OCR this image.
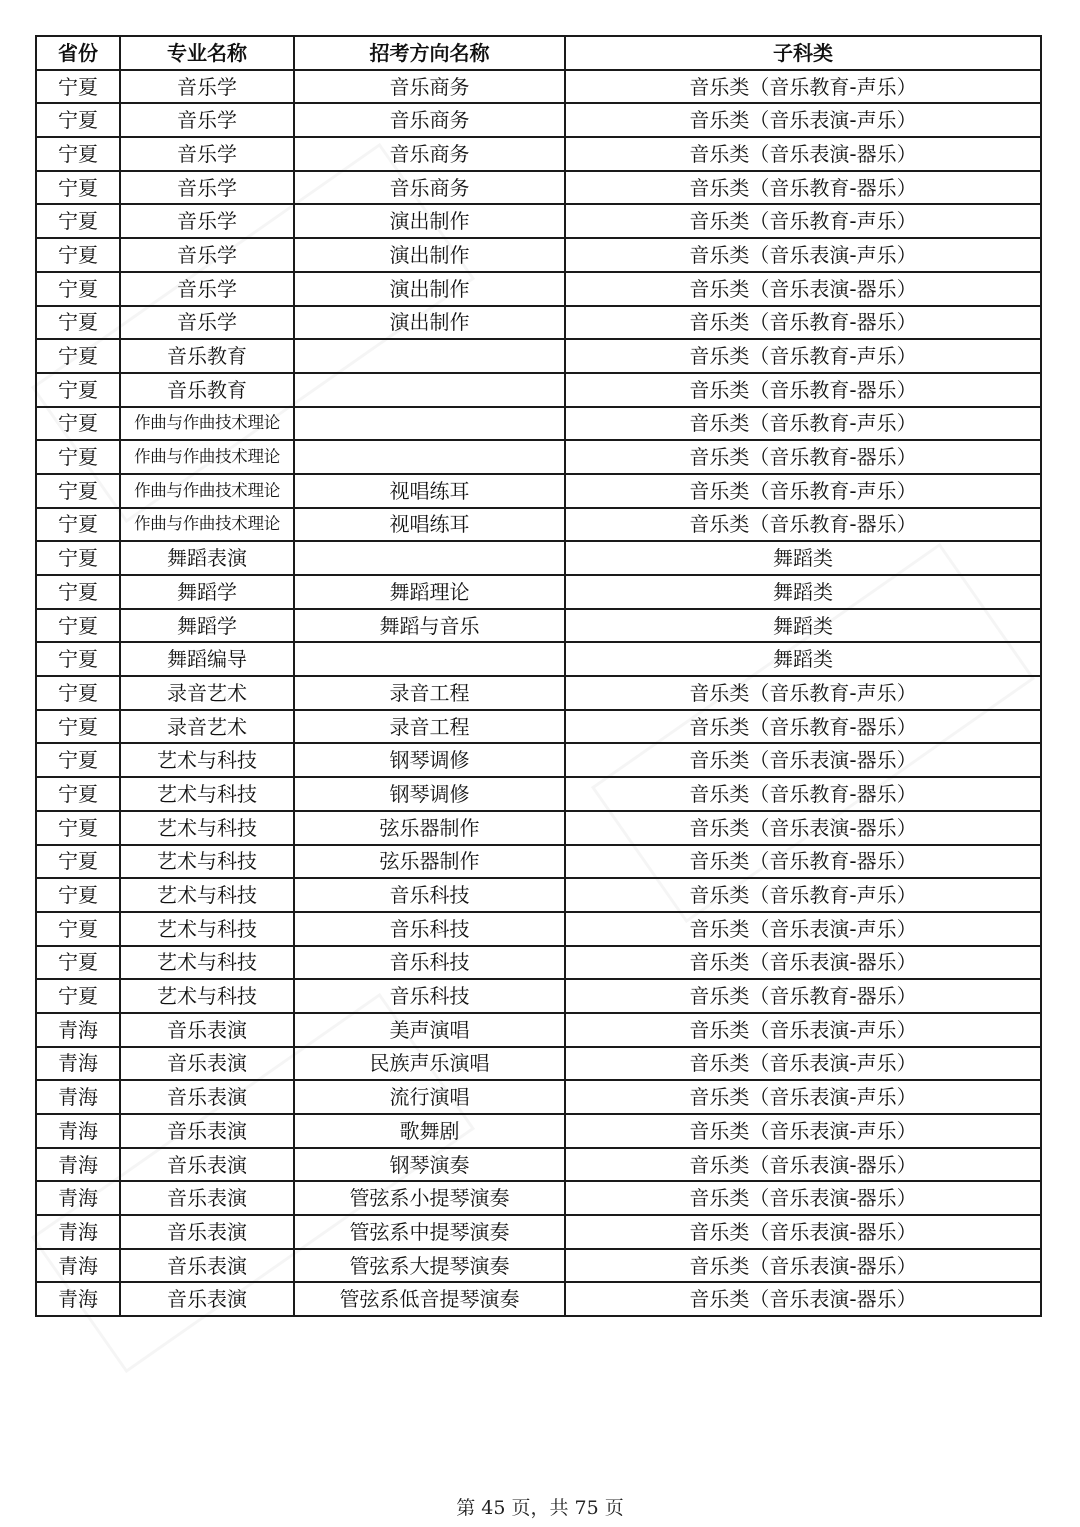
省份	专业名称	招考方向名称	子科类
宁夏	音乐学	音乐商务	音乐类（音乐教育-声乐）
宁夏	音乐学	音乐商务	音乐类（音乐表演-声乐）
宁夏	音乐学	音乐商务	音乐类（音乐表演-器乐）
宁夏	音乐学	音乐商务	音乐类（音乐教育-器乐）
宁夏	音乐学	演出制作	音乐类（音乐教育-声乐）
宁夏	音乐学	演出制作	音乐类（音乐表演-声乐）
宁夏	音乐学	演出制作	音乐类（音乐表演-器乐）
宁夏	音乐学	演出制作	音乐类（音乐教育-器乐）
宁夏	音乐教育		音乐类（音乐教育-声乐）
宁夏	音乐教育		音乐类（音乐教育-器乐）
宁夏	作曲与作曲技术理论		音乐类（音乐教育-声乐）
宁夏	作曲与作曲技术理论		音乐类（音乐教育-器乐）
宁夏	作曲与作曲技术理论	视唱练耳	音乐类（音乐教育-声乐）
宁夏	作曲与作曲技术理论	视唱练耳	音乐类（音乐教育-器乐）
宁夏	舞蹈表演		舞蹈类
宁夏	舞蹈学	舞蹈理论	舞蹈类
宁夏	舞蹈学	舞蹈与音乐	舞蹈类
宁夏	舞蹈编导		舞蹈类
宁夏	录音艺术	录音工程	音乐类（音乐教育-声乐）
宁夏	录音艺术	录音工程	音乐类（音乐教育-器乐）
宁夏	艺术与科技	钢琴调修	音乐类（音乐表演-器乐）
宁夏	艺术与科技	钢琴调修	音乐类（音乐教育-器乐）
宁夏	艺术与科技	弦乐器制作	音乐类（音乐表演-器乐）
宁夏	艺术与科技	弦乐器制作	音乐类（音乐教育-器乐）
宁夏	艺术与科技	音乐科技	音乐类（音乐教育-声乐）
宁夏	艺术与科技	音乐科技	音乐类（音乐表演-声乐）
宁夏	艺术与科技	音乐科技	音乐类（音乐表演-器乐）
宁夏	艺术与科技	音乐科技	音乐类（音乐教育-器乐）
青海	音乐表演	美声演唱	音乐类（音乐表演-声乐）
青海	音乐表演	民族声乐演唱	音乐类（音乐表演-声乐）
青海	音乐表演	流行演唱	音乐类（音乐表演-声乐）
青海	音乐表演	歌舞剧	音乐类（音乐表演-声乐）
青海	音乐表演	钢琴演奏	音乐类（音乐表演-器乐）
青海	音乐表演	管弦系小提琴演奏	音乐类（音乐表演-器乐）
青海	音乐表演	管弦系中提琴演奏	音乐类（音乐表演-器乐）
青海	音乐表演	管弦系大提琴演奏	音乐类（音乐表演-器乐）
青海	音乐表演	管弦系低音提琴演奏	音乐类（音乐表演-器乐）
第 45 页，共 75 页
